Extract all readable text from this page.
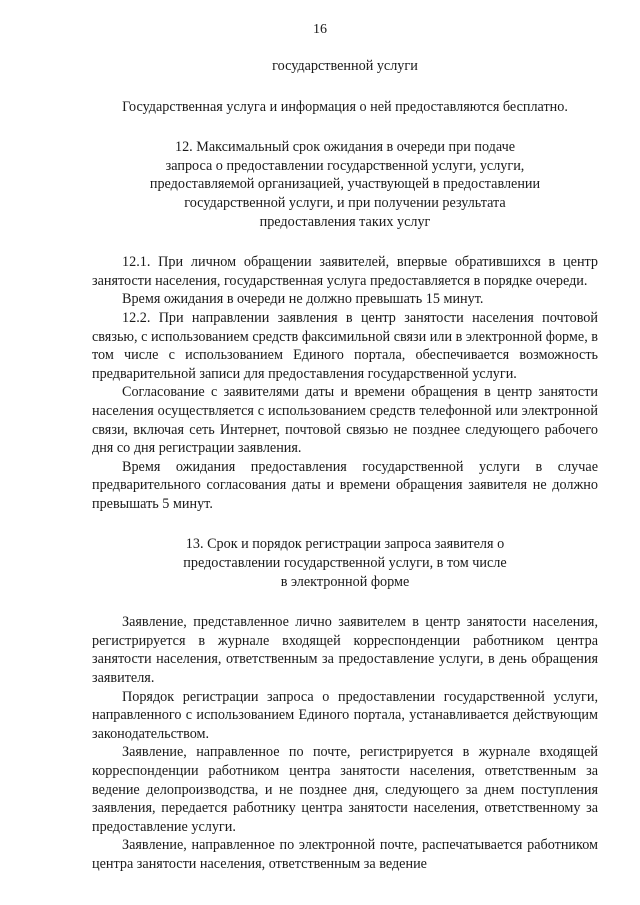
16
государственной услуги
Государственная услуга и информация о ней предоставляются бесплатно.
12. Максимальный срок ожидания в очереди при подаче
запроса о предоставлении государственной услуги, услуги,
предоставляемой организацией, участвующей в предоставлении
государственной услуги, и при получении результата
предоставления таких услуг

12.1. При личном обращении заявителей, впервые обратившихся в центр занятости населения, государственная услуга предоставляется в порядке очереди.

Время ожидания в очереди не должно превышать 15 минут.

12.2. При направлении заявления в центр занятости населения почтовой связью, с использованием средств факсимильной связи или в электронной форме, в том числе с использованием Единого портала, обеспечивается возможность предварительной записи для предоставления государственной услуги.

Согласование с заявителями даты и времени обращения в центр занятости населения осуществляется с использованием средств телефонной или электронной связи, включая сеть Интернет, почтовой связью не позднее следующего рабочего дня со дня регистрации заявления.

Время ожидания предоставления государственной услуги в случае предварительного согласования даты и времени обращения заявителя не должно превышать 5 минут.

13. Срок и порядок регистрации запроса заявителя о
предоставлении государственной услуги, в том числе
в электронной форме

Заявление, представленное лично заявителем в центр занятости населения, регистрируется в журнале входящей корреспонденции работником центра занятости населения, ответственным за предоставление услуги, в день обращения заявителя.

Порядок регистрации запроса о предоставлении государственной услуги, направленного с использованием Единого портала, устанавливается действующим законодательством.

Заявление, направленное по почте, регистрируется в журнале входящей корреспонденции работником центра занятости населения, ответственным за ведение делопроизводства, и не позднее дня, следующего за днем поступления заявления, передается работнику центра занятости населения, ответственному за предоставление услуги.

Заявление, направленное по электронной почте, распечатывается работником центра занятости населения, ответственным за ведение
